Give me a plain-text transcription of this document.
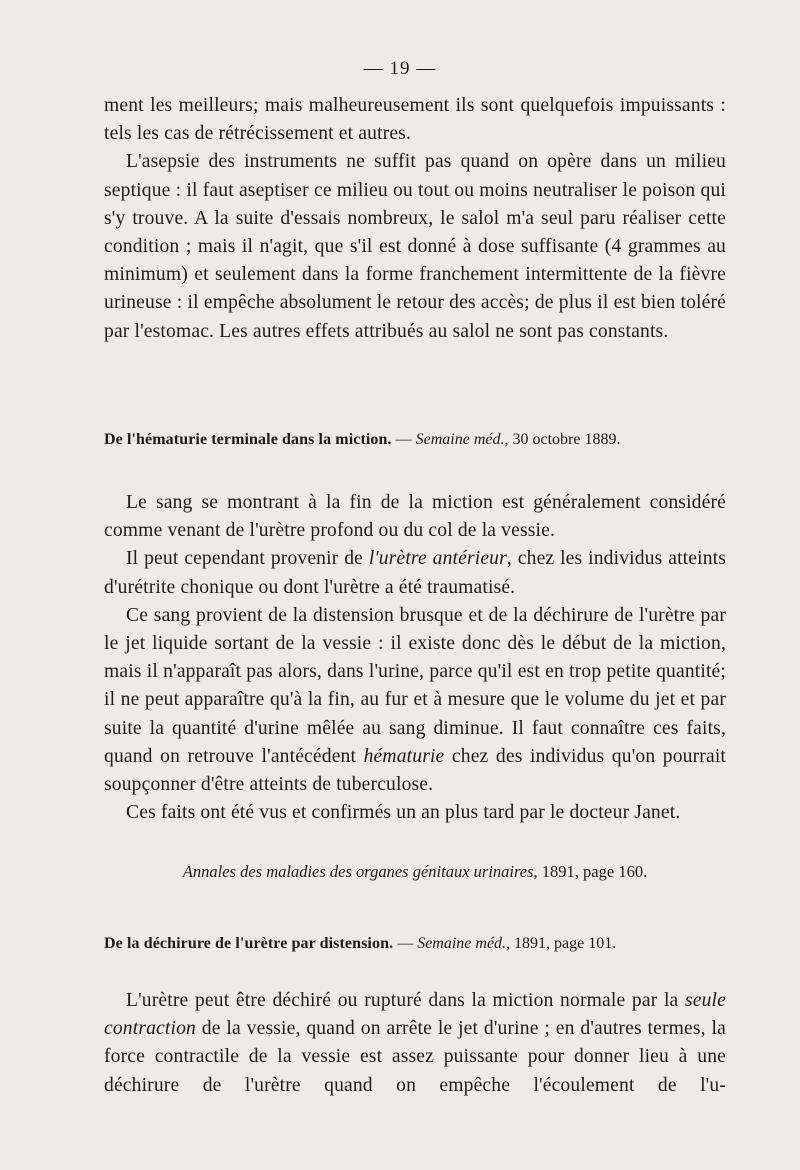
— 19 —

ment les meilleurs; mais malheureusement ils sont quelquefois impuissants : tels les cas de rétrécissement et autres.

L'asepsie des instruments ne suffit pas quand on opère dans un milieu septique : il faut aseptiser ce milieu ou tout ou moins neutraliser le poison qui s'y trouve. A la suite d'essais nombreux, le salol m'a seul paru réaliser cette condition ; mais il n'agit, que s'il est donné à dose suffisante (4 grammes au minimum) et seulement dans la forme franchement intermittente de la fièvre urineuse : il empêche absolument le retour des accès; de plus il est bien toléré par l'estomac. Les autres effets attribués au salol ne sont pas constants.

De l'hématurie terminale dans la miction. — Semaine méd., 30 octobre 1889.

Le sang se montrant à la fin de la miction est généralement considéré comme venant de l'urètre profond ou du col de la vessie.

Il peut cependant provenir de l'urètre antérieur, chez les individus atteints d'urétrite chonique ou dont l'urètre a été traumatisé.

Ce sang provient de la distension brusque et de la déchirure de l'urètre par le jet liquide sortant de la vessie : il existe donc dès le début de la miction, mais il n'apparaît pas alors, dans l'urine, parce qu'il est en trop petite quantité; il ne peut apparaître qu'à la fin, au fur et à mesure que le volume du jet et par suite la quantité d'urine mêlée au sang diminue. Il faut connaître ces faits, quand on retrouve l'antécédent hématurie chez des individus qu'on pourrait soupçonner d'être atteints de tuberculose.

Ces faits ont été vus et confirmés un an plus tard par le docteur Janet.

Annales des maladies des organes génitaux urinaires, 1891, page 160.
De la déchirure de l'urètre par distension. — Semaine méd., 1891, page 101.

L'urètre peut être déchiré ou rupturé dans la miction normale par la seule contraction de la vessie, quand on arrête le jet d'urine ; en d'autres termes, la force contractile de la vessie est assez puissante pour donner lieu à une déchirure de l'urètre quand on empêche l'écoulement de l'u-
